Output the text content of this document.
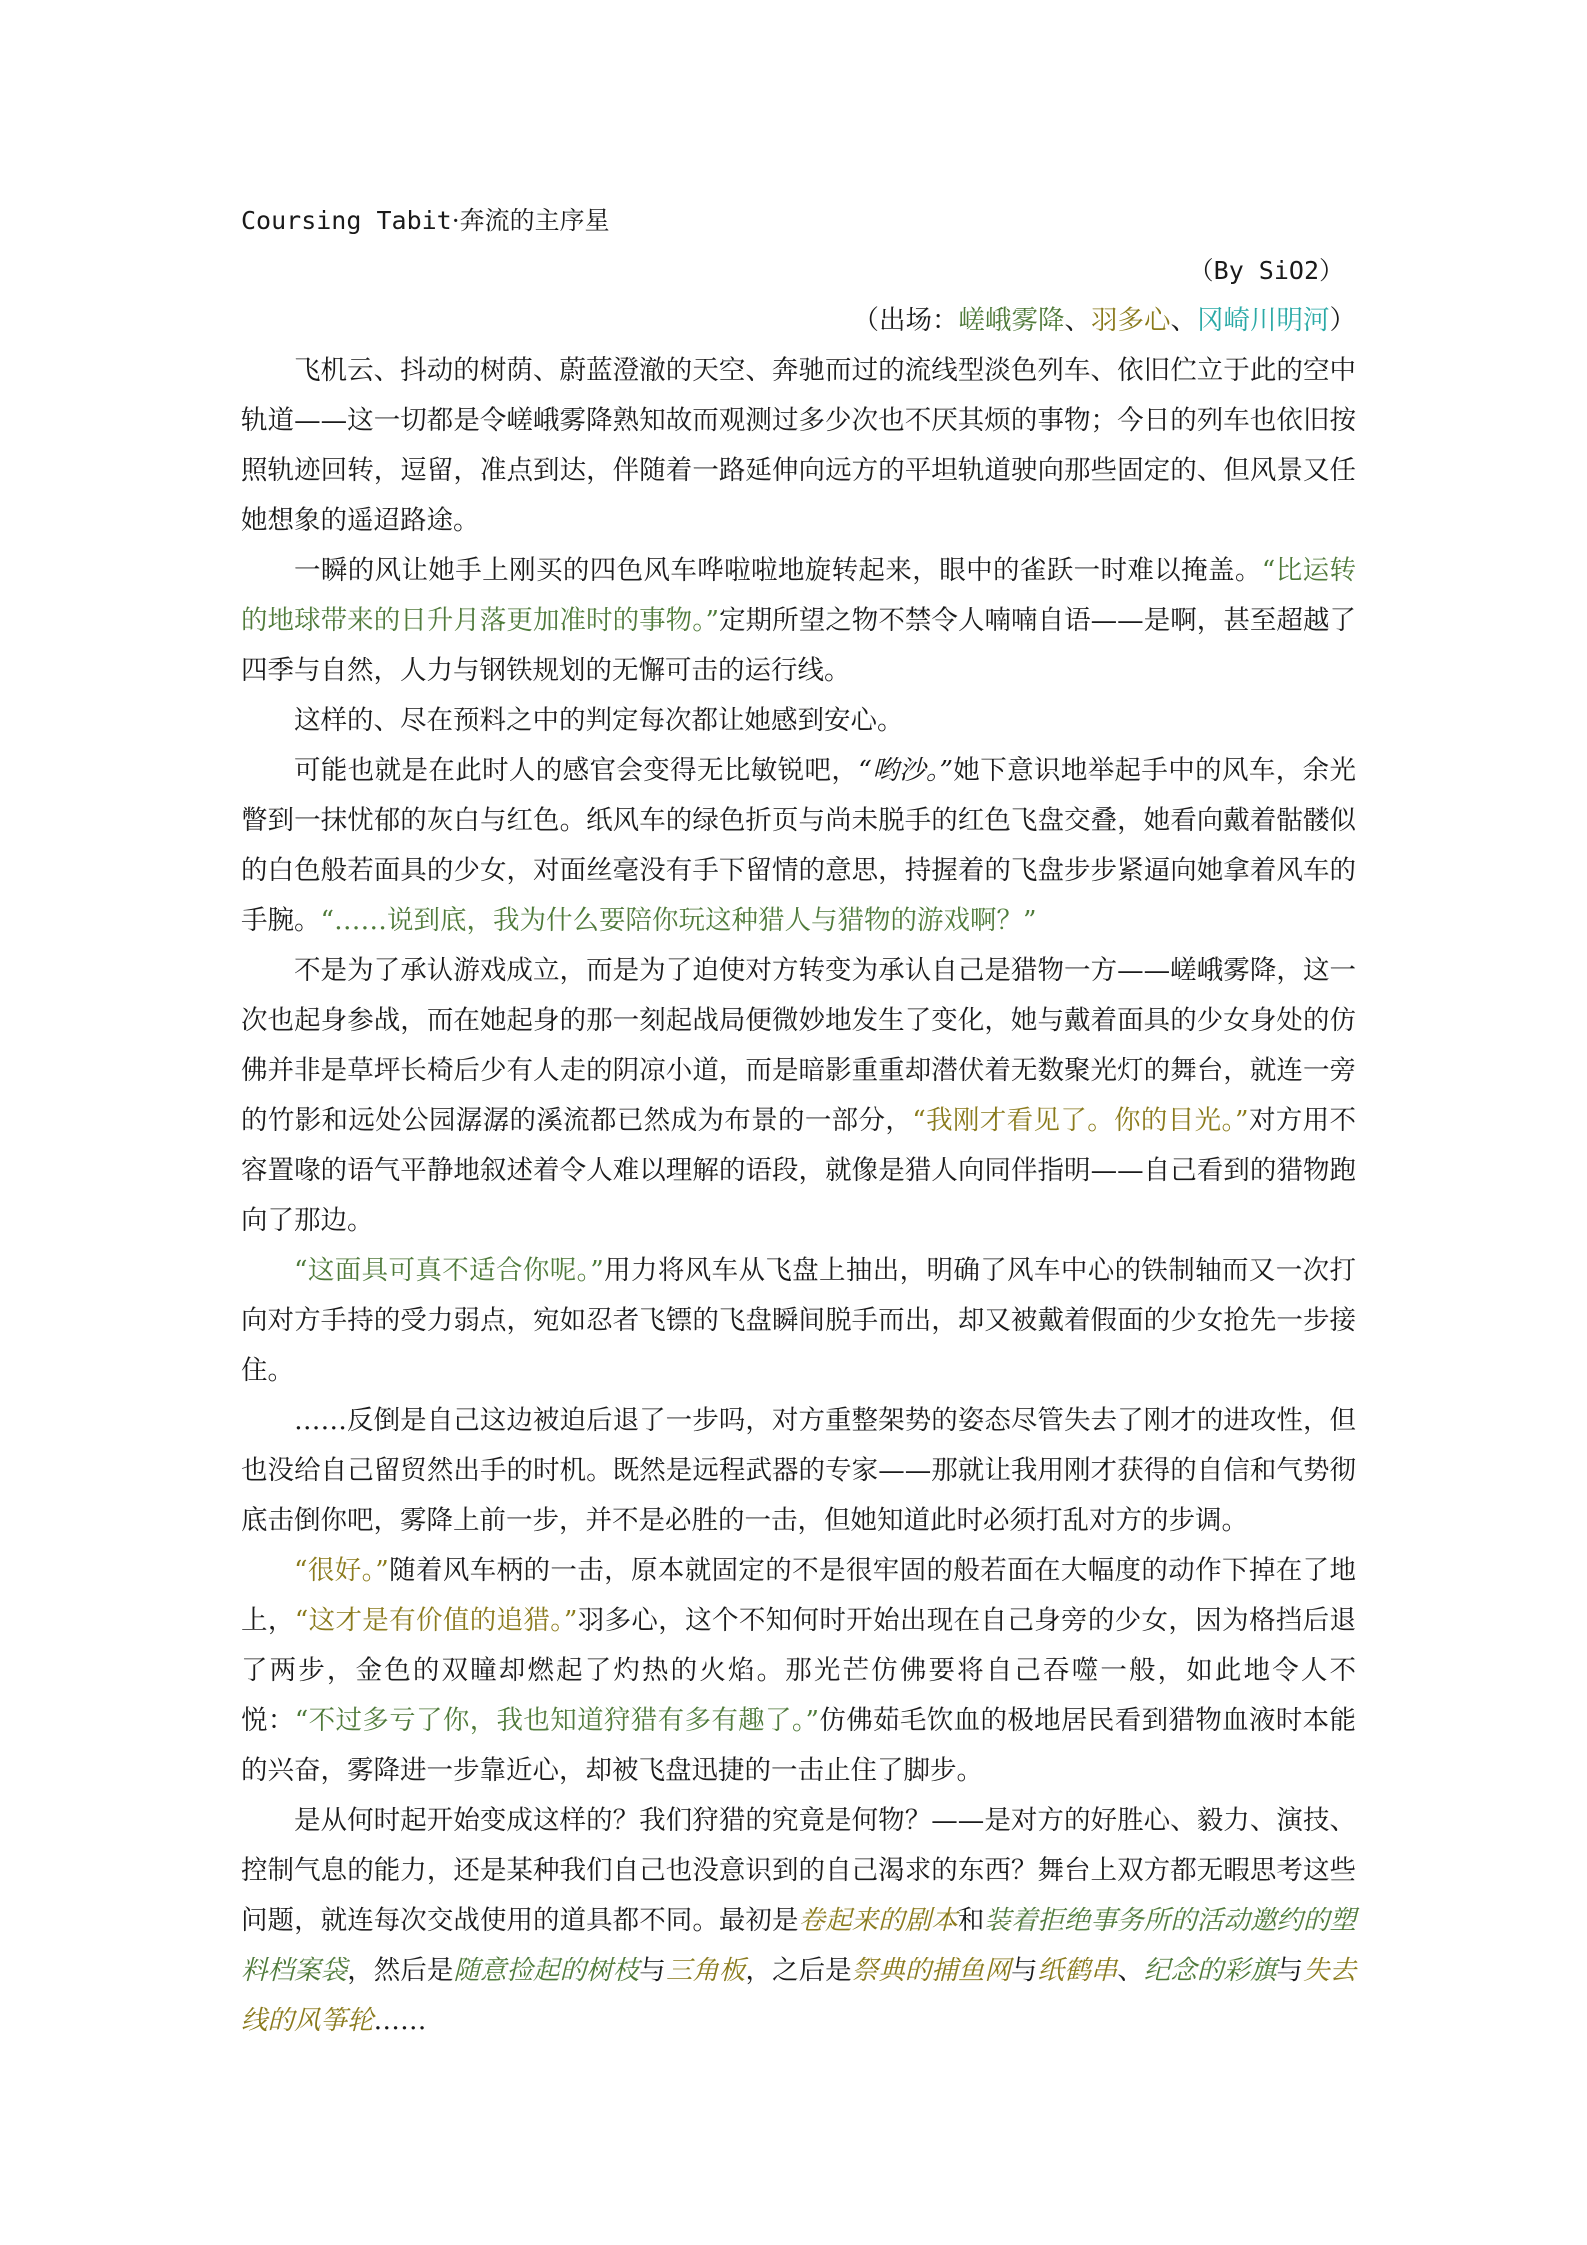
Coursing Tabit·奔流的主序星

（By SiO2）

（出场：嵯峨雾降、羽多心、冈崎川明河）

飞机云、抖动的树荫、蔚蓝澄澈的天空、奔驰而过的流线型淡色列车、依旧伫立于此的空中轨道——这一切都是令嵯峨雾降熟知故而观测过多少次也不厌其烦的事物；今日的列车也依旧按照轨迹回转，逗留，准点到达，伴随着一路延伸向远方的平坦轨道驶向那些固定的、但风景又任她想象的遥迢路途。

一瞬的风让她手上刚买的四色风车哗啦啦地旋转起来，眼中的雀跃一时难以掩盖。“比运转的地球带来的日升月落更加准时的事物。”定期所望之物不禁令人喃喃自语——是啊，甚至超越了四季与自然，人力与钢铁规划的无懈可击的运行线。

这样的、尽在预料之中的判定每次都让她感到安心。

可能也就是在此时人的感官会变得无比敏锐吧，“哟沙。”她下意识地举起手中的风车，余光瞥到一抹忧郁的灰白与红色。纸风车的绿色折页与尚未脱手的红色飞盘交叠，她看向戴着骷髅似的白色般若面具的少女，对面丝毫没有手下留情的意思，持握着的飞盘步步紧逼向她拿着风车的手腕。“……说到底，我为什么要陪你玩这种猎人与猎物的游戏啊？”

不是为了承认游戏成立，而是为了迫使对方转变为承认自己是猎物一方——嵯峨雾降，这一次也起身参战，而在她起身的那一刻起战局便微妙地发生了变化，她与戴着面具的少女身处的仿佛并非是草坪长椅后少有人走的阴凉小道，而是暗影重重却潜伏着无数聚光灯的舞台，就连一旁的竹影和远处公园潺潺的溪流都已然成为布景的一部分，“我刚才看见了。你的目光。”对方用不容置喙的语气平静地叙述着令人难以理解的语段，就像是猎人向同伴指明——自己看到的猎物跑向了那边。

“这面具可真不适合你呢。”用力将风车从飞盘上抽出，明确了风车中心的铁制轴而又一次打向对方手持的受力弱点，宛如忍者飞镖的飞盘瞬间脱手而出，却又被戴着假面的少女抢先一步接住。

……反倒是自己这边被迫后退了一步吗，对方重整架势的姿态尽管失去了刚才的进攻性，但也没给自己留贸然出手的时机。既然是远程武器的专家——那就让我用刚才获得的自信和气势彻底击倒你吧，雾降上前一步，并不是必胜的一击，但她知道此时必须打乱对方的步调。

“很好。”随着风车柄的一击，原本就固定的不是很牢固的般若面在大幅度的动作下掉在了地上，“这才是有价值的追猎。”羽多心，这个不知何时开始出现在自己身旁的少女，因为格挡后退了两步，金色的双瞳却燃起了灼热的火焰。那光芒仿佛要将自己吞噬一般，如此地令人不悦：“不过多亏了你，我也知道狩猎有多有趣了。”仿佛茹毛饮血的极地居民看到猎物血液时本能的兴奋，雾降进一步靠近心，却被飞盘迅捷的一击止住了脚步。

是从何时起开始变成这样的？我们狩猎的究竟是何物？——是对方的好胜心、毅力、演技、控制气息的能力，还是某种我们自己也没意识到的自己渴求的东西？舞台上双方都无暇思考这些问题，就连每次交战使用的道具都不同。最初是卷起来的剧本和装着拒绝事务所的活动邀约的塑料档案袋，然后是随意捡起的树枝与三角板，之后是祭典的捕鱼网与纸鹤串、纪念的彩旗与失去线的风筝轮……
